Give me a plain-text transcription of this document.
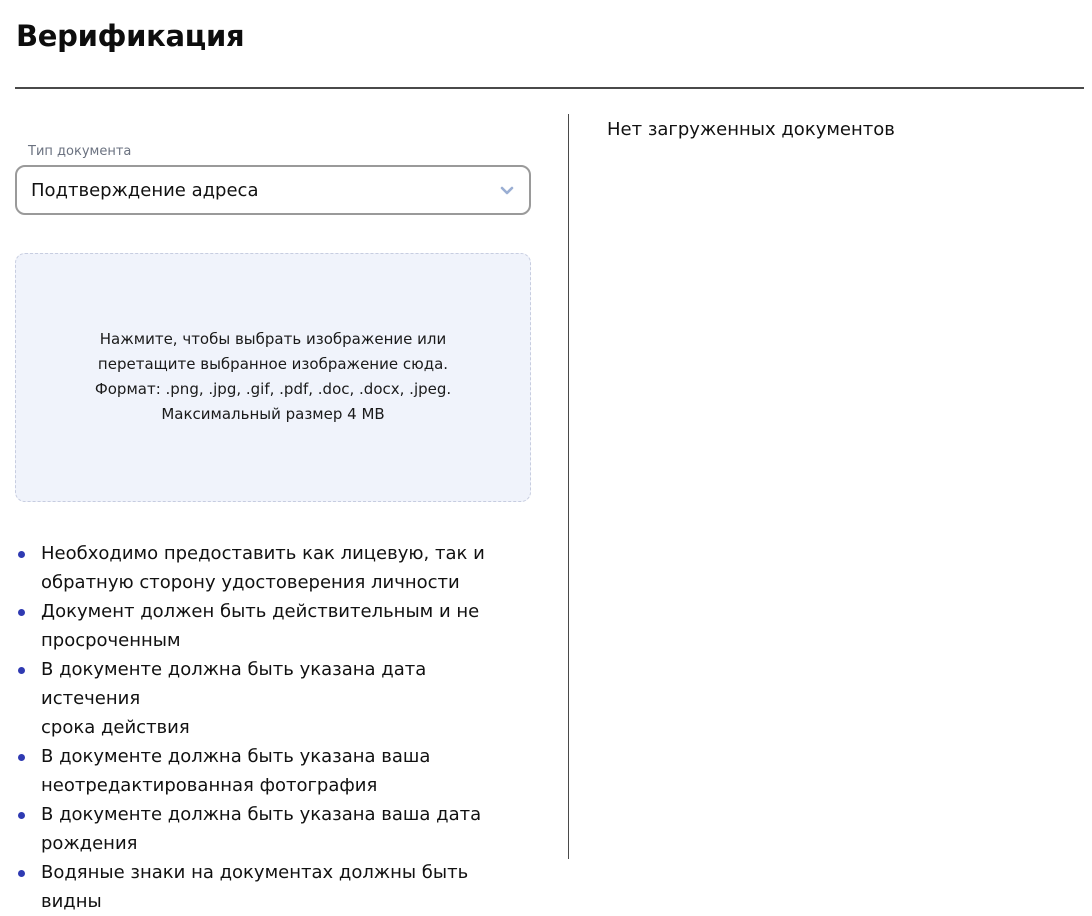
Верификация
Тип документа
Подтверждение адреса
Нажмите, чтобы выбрать изображение или
перетащите выбранное изображение сюда.
Формат: .png, .jpg, .gif, .pdf, .doc, .docx, .jpeg.
Максимальный размер 4 MB
Необходимо предоставить как лицевую, так и
обратную сторону удостоверения личности
Документ должен быть действительным и не
просроченным
В документе должна быть указана дата истечения
срока действия
В документе должна быть указана ваша
неотредактированная фотография
В документе должна быть указана ваша дата
рождения
Водяные знаки на документах должны быть видны
Нет загруженных документов
